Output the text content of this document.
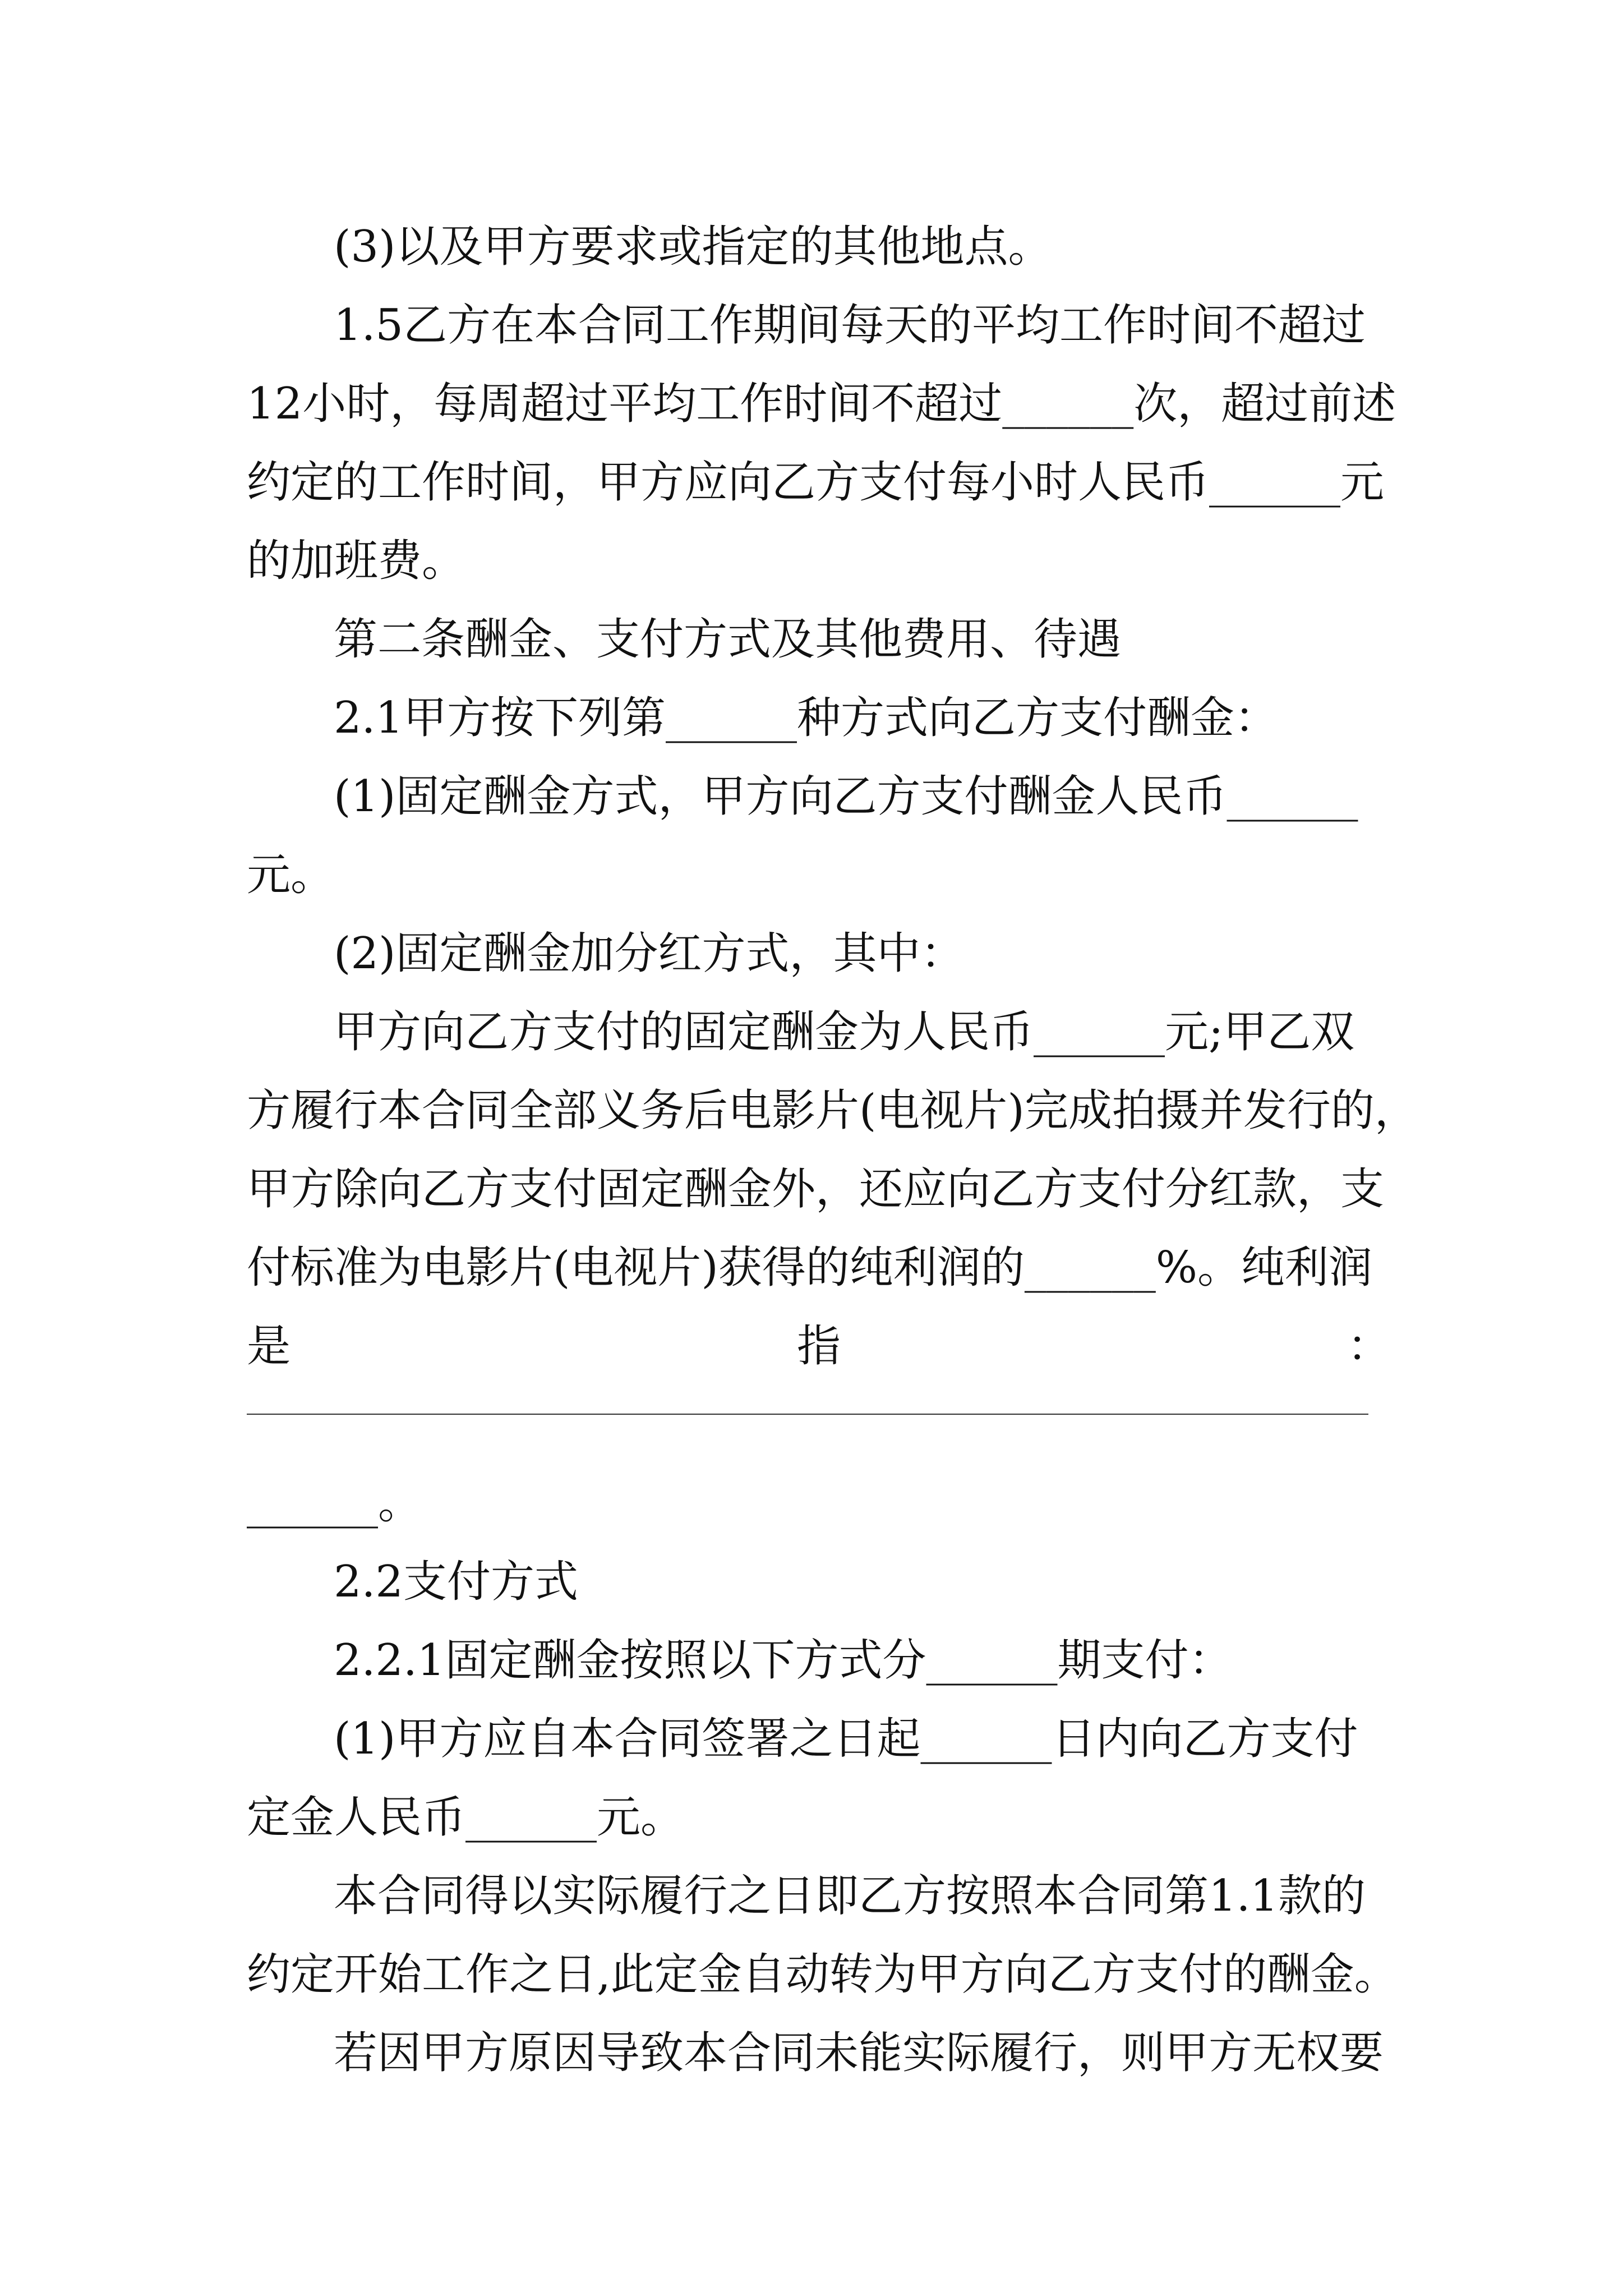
(3)以及甲方要求或指定的其他地点。

1.5乙方在本合同工作期间每天的平均工作时间不超过

12小时，每周超过平均工作时间不超过______次，超过前述

约定的工作时间，甲方应向乙方支付每小时人民币______元

的加班费。

第二条酬金、支付方式及其他费用、待遇

2.1甲方按下列第______种方式向乙方支付酬金：

(1)固定酬金方式，甲方向乙方支付酬金人民币______

元。

(2)固定酬金加分红方式，其中：

甲方向乙方支付的固定酬金为人民币______元;甲乙双

方履行本合同全部义务后电影片(电视片)完成拍摄并发行的，

甲方除向乙方支付固定酬金外，还应向乙方支付分红款，支

付标准为电影片(电视片)获得的纯利润的______%。纯利润

是	指	：

______。

2.2支付方式

2.2.1固定酬金按照以下方式分______期支付：

(1)甲方应自本合同签署之日起______日内向乙方支付

定金人民币______元。

本合同得以实际履行之日即乙方按照本合同第1.1款的

约定开始工作之日,此定金自动转为甲方向乙方支付的酬金。

若因甲方原因导致本合同未能实际履行，则甲方无权要
